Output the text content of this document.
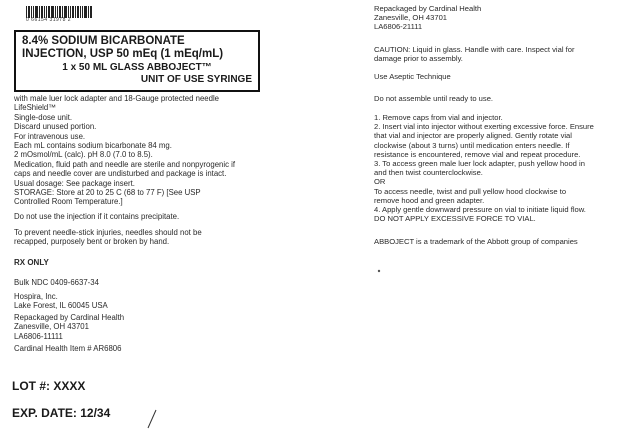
0 66154 31978 2
8.4% SODIUM BICARBONATE
INJECTION, USP 50 mEq (1 mEq/mL)
1 x 50 ML GLASS ABBOJECT™
UNIT OF USE SYRINGE
with male luer lock adapter and 18-Gauge protected needle
LifeShield™
Single-dose unit.
Discard unused portion.
For intravenous use.
Each mL contains sodium bicarbonate 84 mg.
2 mOsmol/mL (calc). pH 8.0 (7.0 to 8.5).
Medication, fluid path and needle are sterile and nonpyrogenic if
caps and needle cover are undisturbed and package is intact.
Usual dosage: See package insert.
STORAGE: Store at 20 to 25 C (68 to 77 F) [See USP
Controlled Room Temperature.]
Do not use the injection if it contains precipitate.
To prevent needle-stick injuries, needles should not be
recapped, purposely bent or broken by hand.
RX ONLY
Bulk NDC 0409-6637-34
Hospira, Inc.
Lake Forest, IL 60045 USA
Repackaged by Cardinal Health
Zanesville, OH 43701
LA6806-11111
Cardinal Health Item # AR6806
LOT #: XXXX
EXP. DATE: 12/34
Repackaged by Cardinal Health
Zanesville, OH 43701
LA6806-21111
CAUTION: Liquid in glass. Handle with care. Inspect vial for
damage prior to assembly.
Use Aseptic Technique
Do not assemble until ready to use.
1. Remove caps from vial and injector.
2. Insert vial into injector without exerting excessive force. Ensure
that vial and injector are properly aligned. Gently rotate vial
clockwise (about 3 turns) until medication enters needle. If
resistance is encountered, remove vial and repeat procedure.
3. To access green male luer lock adapter, push yellow hood in
and then twist counterclockwise.
OR
To access needle, twist and pull yellow hood clockwise to
remove hood and green adapter.
4. Apply gentle downward pressure on vial to initiate liquid flow.
DO NOT APPLY EXCESSIVE FORCE TO VIAL.
ABBOJECT is a trademark of the Abbott group of companies
